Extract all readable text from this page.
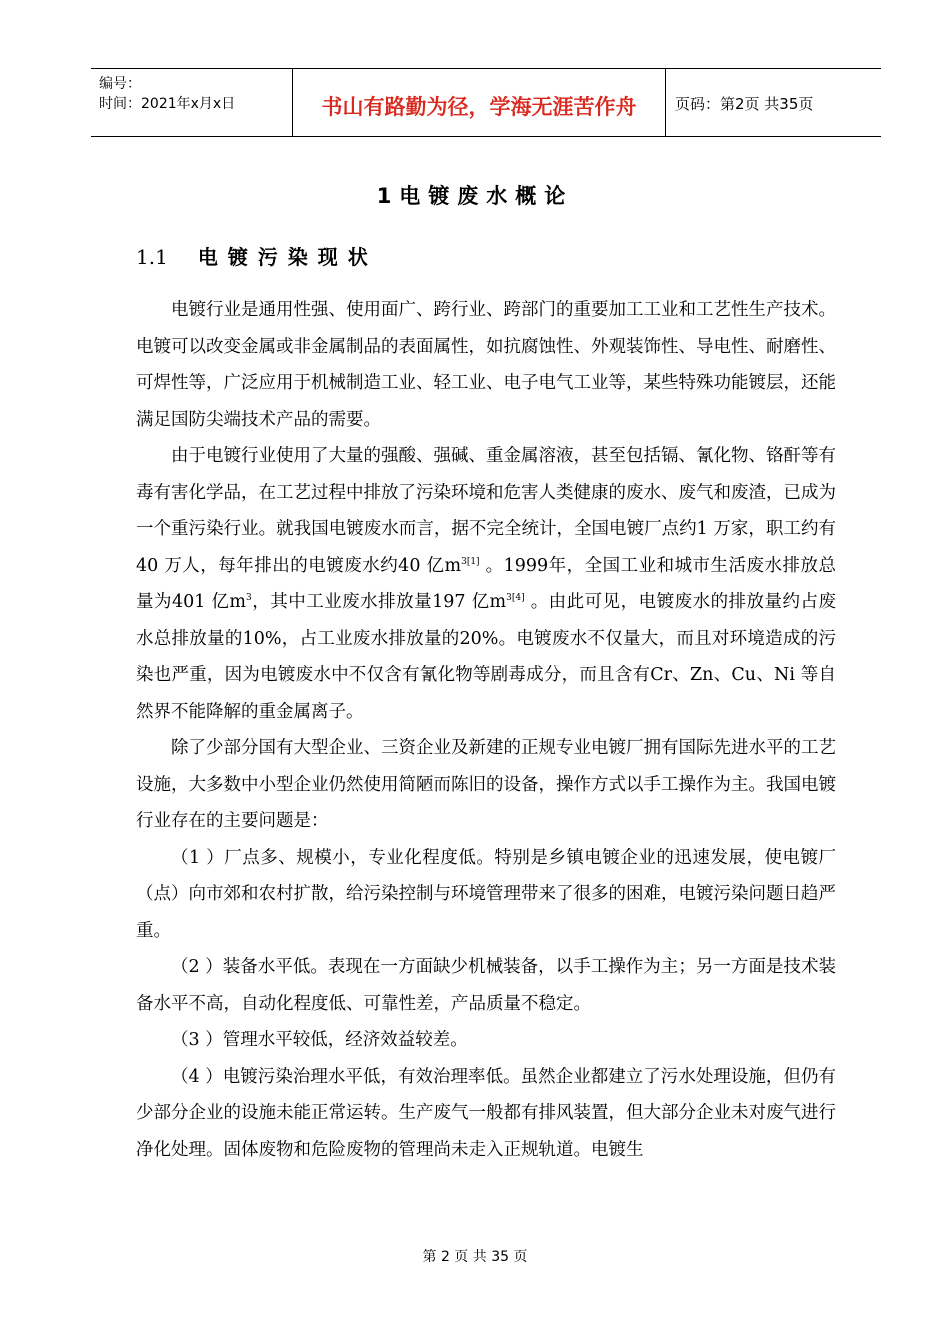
编号：
时间：2021年x月x日	书山有路勤为径，学海无涯苦作舟	页码：第2页 共35页
1电镀废水概论
1.1 电镀污染现状

电镀行业是通用性强、使用面广、跨行业、跨部门的重要加工工业和工艺性生产技术。电镀可以改变金属或非金属制品的表面属性，如抗腐蚀性、外观装饰性、导电性、耐磨性、可焊性等，广泛应用于机械制造工业、轻工业、电子电气工业等，某些特殊功能镀层，还能满足国防尖端技术产品的需要。

由于电镀行业使用了大量的强酸、强碱、重金属溶液，甚至包括镉、氰化物、铬酐等有毒有害化学品，在工艺过程中排放了污染环境和危害人类健康的废水、废气和废渣，已成为一个重污染行业。就我国电镀废水而言，据不完全统计，全国电镀厂点约1 万家，职工约有40 万人，每年排出的电镀废水约40 亿$m^{3[1]}$ 。1999年，全国工业和城市生活废水排放总量为401 亿$m^3$，其中工业废水排放量197 亿$m^{3[4]}$ 。由此可见，电镀废水的排放量约占废水总排放量的10%，占工业废水排放量的20%。电镀废水不仅量大，而且对环境造成的污染也严重，因为电镀废水中不仅含有氰化物等剧毒成分，而且含有Cr、Zn、Cu、Ni 等自然界不能降解的重金属离子。

除了少部分国有大型企业、三资企业及新建的正规专业电镀厂拥有国际先进水平的工艺设施，大多数中小型企业仍然使用简陋而陈旧的设备，操作方式以手工操作为主。我国电镀行业存在的主要问题是：

（1 ）厂点多、规模小，专业化程度低。特别是乡镇电镀企业的迅速发展，使电镀厂（点）向市郊和农村扩散，给污染控制与环境管理带来了很多的困难，电镀污染问题日趋严重。

（2 ）装备水平低。表现在一方面缺少机械装备，以手工操作为主；另一方面是技术装备水平不高，自动化程度低、可靠性差，产品质量不稳定。

（3 ）管理水平较低，经济效益较差。

（4 ）电镀污染治理水平低，有效治理率低。虽然企业都建立了污水处理设施，但仍有少部分企业的设施未能正常运转。生产废气一般都有排风装置，但大部分企业未对废气进行净化处理。固体废物和危险废物的管理尚未走入正规轨道。电镀生

第 2 页 共 35 页
